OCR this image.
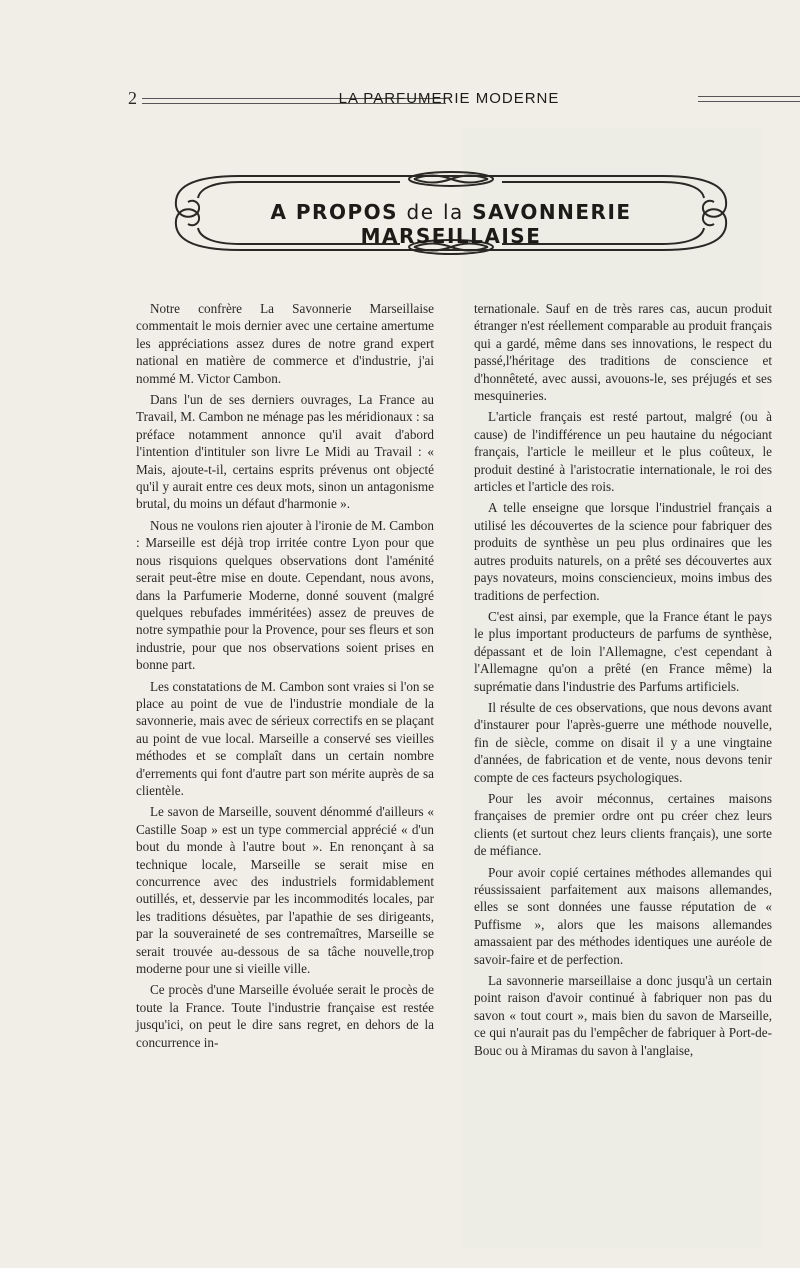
2	LA PARFUMERIE MODERNE
A PROPOS de la SAVONNERIE MARSEILLAISE

Notre confrère La Savonnerie Marseillaise commentait le mois dernier avec une certaine amertume les appréciations assez dures de notre grand expert national en matière de commerce et d'industrie, j'ai nommé M. Victor Cambon.

Dans l'un de ses derniers ouvrages, La France au Travail, M. Cambon ne ménage pas les méridionaux : sa préface notamment annonce qu'il avait d'abord l'intention d'intituler son livre Le Midi au Travail : « Mais, ajoute-t-il, certains esprits prévenus ont objecté qu'il y aurait entre ces deux mots, sinon un antagonisme brutal, du moins un défaut d'harmonie ».

Nous ne voulons rien ajouter à l'ironie de M. Cambon : Marseille est déjà trop irritée contre Lyon pour que nous risquions quelques observations dont l'aménité serait peut-être mise en doute. Cependant, nous avons, dans la Parfumerie Moderne, donné souvent (malgré quelques rebufades imméritées) assez de preuves de notre sympathie pour la Provence, pour ses fleurs et son industrie, pour que nos observations soient prises en bonne part.

Les constatations de M. Cambon sont vraies si l'on se place au point de vue de l'industrie mondiale de la savonnerie, mais avec de sérieux correctifs en se plaçant au point de vue local. Marseille a conservé ses vieilles méthodes et se complaît dans un certain nombre d'errements qui font d'autre part son mérite auprès de sa clientèle.

Le savon de Marseille, souvent dénommé d'ailleurs « Castille Soap » est un type commercial apprécié « d'un bout du monde à l'autre bout ». En renonçant à sa technique locale, Marseille se serait mise en concurrence avec des industriels formidablement outillés, et, desservie par les incommodités locales, par les traditions désuètes, par l'apathie de ses dirigeants, par la souveraineté de ses contremaîtres, Marseille se serait trouvée au-dessous de sa tâche nouvelle,trop moderne pour une si vieille ville.

Ce procès d'une Marseille évoluée serait le procès de toute la France. Toute l'industrie française est restée jusqu'ici, on peut le dire sans regret, en dehors de la concurrence in-

ternationale. Sauf en de très rares cas, aucun produit étranger n'est réellement comparable au produit français qui a gardé, même dans ses innovations, le respect du passé,l'héritage des traditions de conscience et d'honnêteté, avec aussi, avouons-le, ses préjugés et ses mesquineries.

L'article français est resté partout, malgré (ou à cause) de l'indifférence un peu hautaine du négociant français, l'article le meilleur et le plus coûteux, le produit destiné à l'aristocratie internationale, le roi des articles et l'article des rois.

A telle enseigne que lorsque l'industriel français a utilisé les découvertes de la science pour fabriquer des produits de synthèse un peu plus ordinaires que les autres produits naturels, on a prêté ses découvertes aux pays novateurs, moins consciencieux, moins imbus des traditions de perfection.

C'est ainsi, par exemple, que la France étant le pays le plus important producteurs de parfums de synthèse, dépassant et de loin l'Allemagne, c'est cependant à l'Allemagne qu'on a prêté (en France même) la suprématie dans l'industrie des Parfums artificiels.

Il résulte de ces observations, que nous devons avant d'instaurer pour l'après-guerre une méthode nouvelle, fin de siècle, comme on disait il y a une vingtaine d'années, de fabrication et de vente, nous devons tenir compte de ces facteurs psychologiques.

Pour les avoir méconnus, certaines maisons françaises de premier ordre ont pu créer chez leurs clients (et surtout chez leurs clients français), une sorte de méfiance.

Pour avoir copié certaines méthodes allemandes qui réussissaient parfaitement aux maisons allemandes, elles se sont données une fausse réputation de « Puffisme », alors que les maisons allemandes amassaient par des méthodes identiques une auréole de savoir-faire et de perfection.

La savonnerie marseillaise a donc jusqu'à un certain point raison d'avoir continué à fabriquer non pas du savon « tout court », mais bien du savon de Marseille, ce qui n'aurait pas du l'empêcher de fabriquer à Port-de-Bouc ou à Miramas du savon à l'anglaise,
